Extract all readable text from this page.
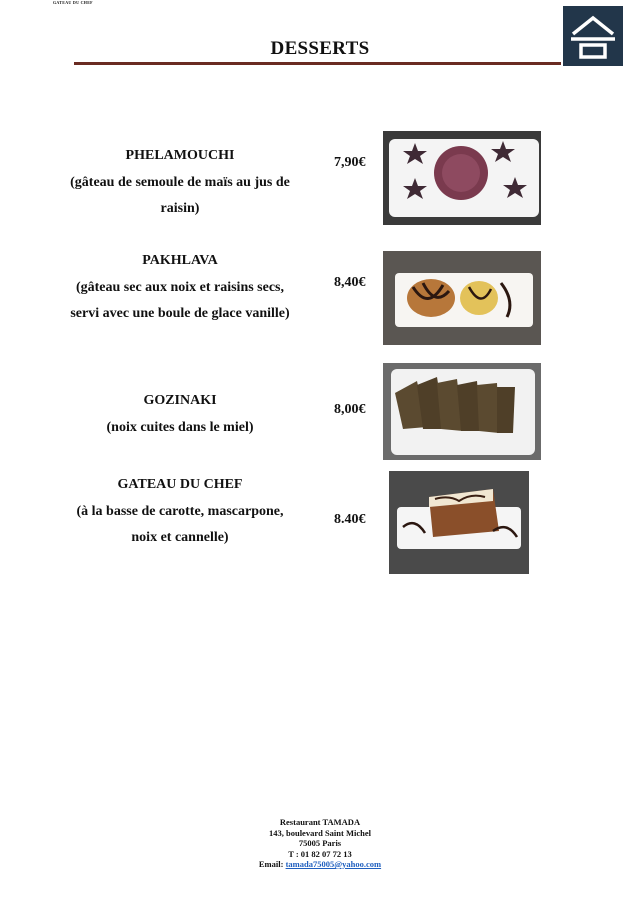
GATEAU DU CHEF
DESSERTS
PHELAMOUCHI
(gâteau de semoule de maïs au jus de raisin)
7,90€
PAKHLAVA
(gâteau sec aux noix et raisins secs, servi avec une boule de glace vanille)
8,40€
GOZINAKI
(noix cuites dans le miel)
8,00€
GATEAU DU CHEF
(à la basse de carotte, mascarpone, noix et cannelle)
8.40€
Restaurant TAMADA
143, boulevard Saint Michel
75005 Paris
T : 01 82 07 72 13
Email: tamada75005@yahoo.com
